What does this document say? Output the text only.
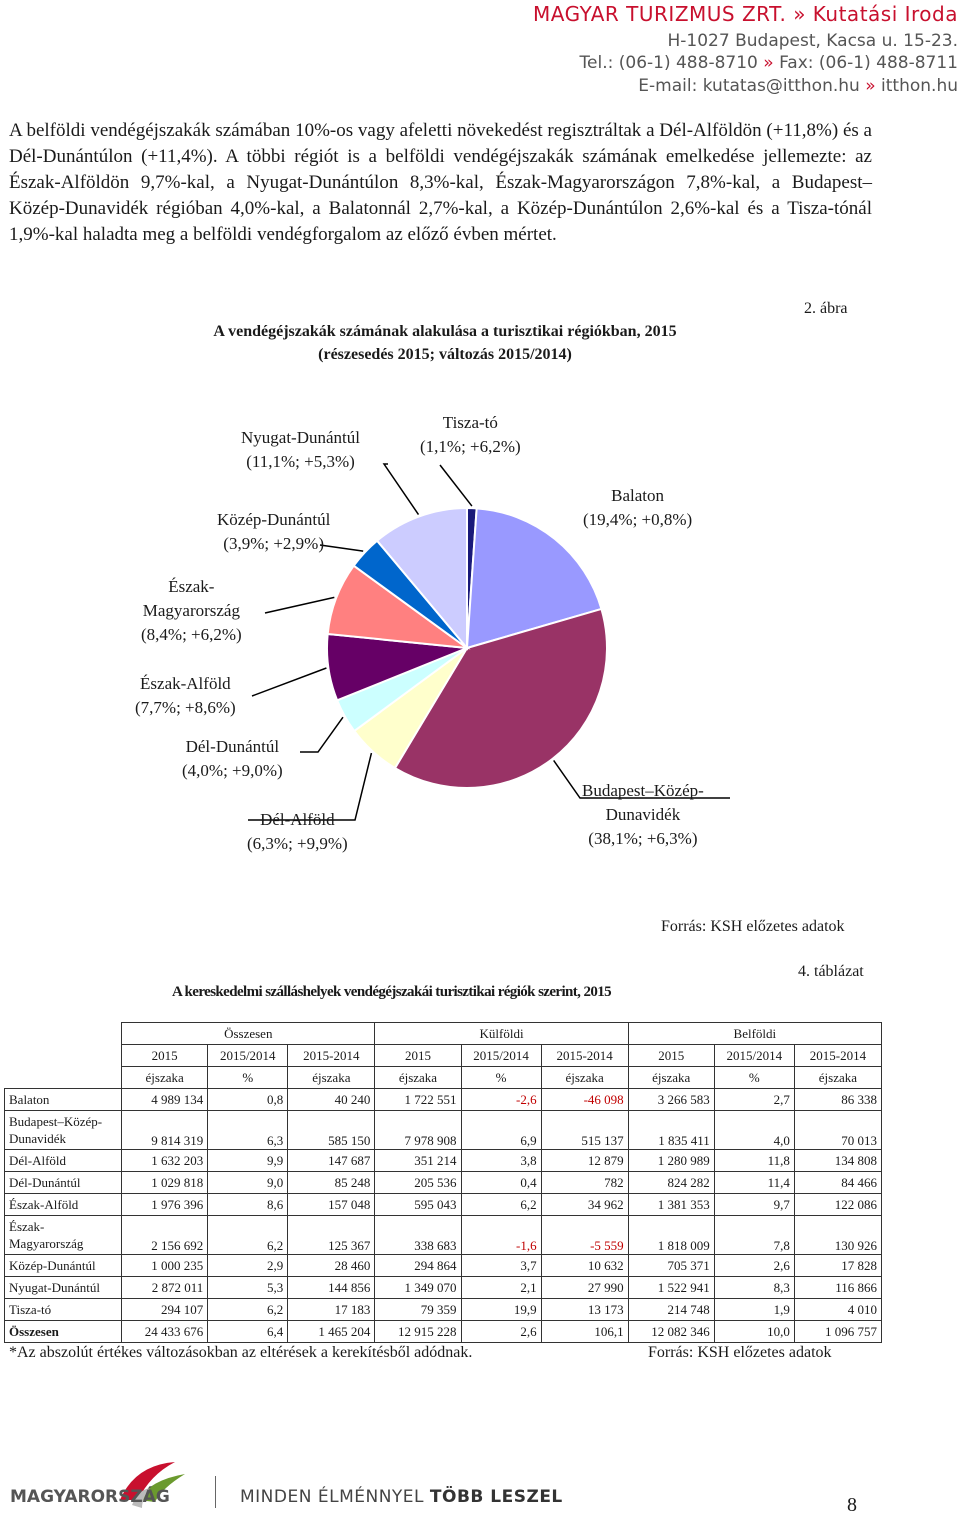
MAGYAR TURIZMUS ZRT. » Kutatási Iroda
H-1027 Budapest, Kacsa u. 15-23.
Tel.: (06-1) 488-8710 » Fax: (06-1) 488-8711
E-mail: kutatas@itthon.hu » itthon.hu
A belföldi vendégéjszakák számában 10%-os vagy afeletti növekedést regisztráltak a Dél-Alföldön (+11,8%) és a Dél-Dunántúlon (+11,4%). A többi régiót is a belföldi vendégéjszakák számának emelkedése jellemezte: az Észak-Alföldön 9,7%-kal, a Nyugat-Dunántúlon 8,3%-kal, Észak-Magyarországon 7,8%-kal, a Budapest–Közép-Dunavidék régióban 4,0%-kal, a Balatonnál 2,7%-kal, a Közép-Dunántúlon 2,6%-kal és a Tisza-tónál 1,9%-kal haladta meg a belföldi vendégforgalom az előző évben mértet.
A vendégéjszakák számának alakulása a turisztikai régiókban, 2015
(részesedés 2015; változás 2015/2014)
2. ábra
Tisza-tó
(1,1%; +6,2%)
Balaton
(19,4%; +0,8%)
Budapest–Közép-
Dunavidék
(38,1%; +6,3%)
Dél-Alföld
(6,3%; +9,9%)
Dél-Dunántúl
(4,0%; +9,0%)
Észak-Alföld
(7,7%; +8,6%)
Észak-
Magyarország
(8,4%; +6,2%)
Közép-Dunántúl
(3,9%; +2,9%)
Nyugat-Dunántúl
(11,1%; +5,3%)
Forrás: KSH előzetes adatok
A kereskedelmi szálláshelyek vendégéjszakái turisztikai régiók szerint, 2015
4. táblázat
	Összesen			Külföldi			Belföldi		
	2015	2015/2014	2015-2014	2015	2015/2014	2015-2014	2015	2015/2014	2015-2014
	éjszaka	%	éjszaka	éjszaka	%	éjszaka	éjszaka	%	éjszaka

Balaton	4 989 134	0,8	40 240	1 722 551	-2,6	-46 098	3 266 583	2,7	86 338

Budapest–Közép-
Dunavidék	9 814 319	6,3	585 150	7 978 908	6,9	515 137	1 835 411	4,0	70 013

Dél-Alföld	1 632 203	9,9	147 687	351 214	3,8	12 879	1 280 989	11,8	134 808

Dél-Dunántúl	1 029 818	9,0	85 248	205 536	0,4	782	824 282	11,4	84 466

Észak-Alföld	1 976 396	8,6	157 048	595 043	6,2	34 962	1 381 353	9,7	122 086

Észak-
Magyarország	2 156 692	6,2	125 367	338 683	-1,6	-5 559	1 818 009	7,8	130 926

Közép-Dunántúl	1 000 235	2,9	28 460	294 864	3,7	10 632	705 371	2,6	17 828

Nyugat-Dunántúl	2 872 011	5,3	144 856	1 349 070	2,1	27 990	1 522 941	8,3	116 866

Tisza-tó	294 107	6,2	17 183	79 359	19,9	13 173	214 748	1,9	4 010

Összesen	24 433 676	6,4	1 465 204	12 915 228	2,6	106,1	12 082 346	10,0	1 096 757
*Az abszolút értékes változásokban az eltérések a kerekítésből adódnak.	Forrás: KSH előzetes adatok
MAGYARORSZÁG	MINDEN ÉLMÉNNYEL TÖBB LESZEL	8
